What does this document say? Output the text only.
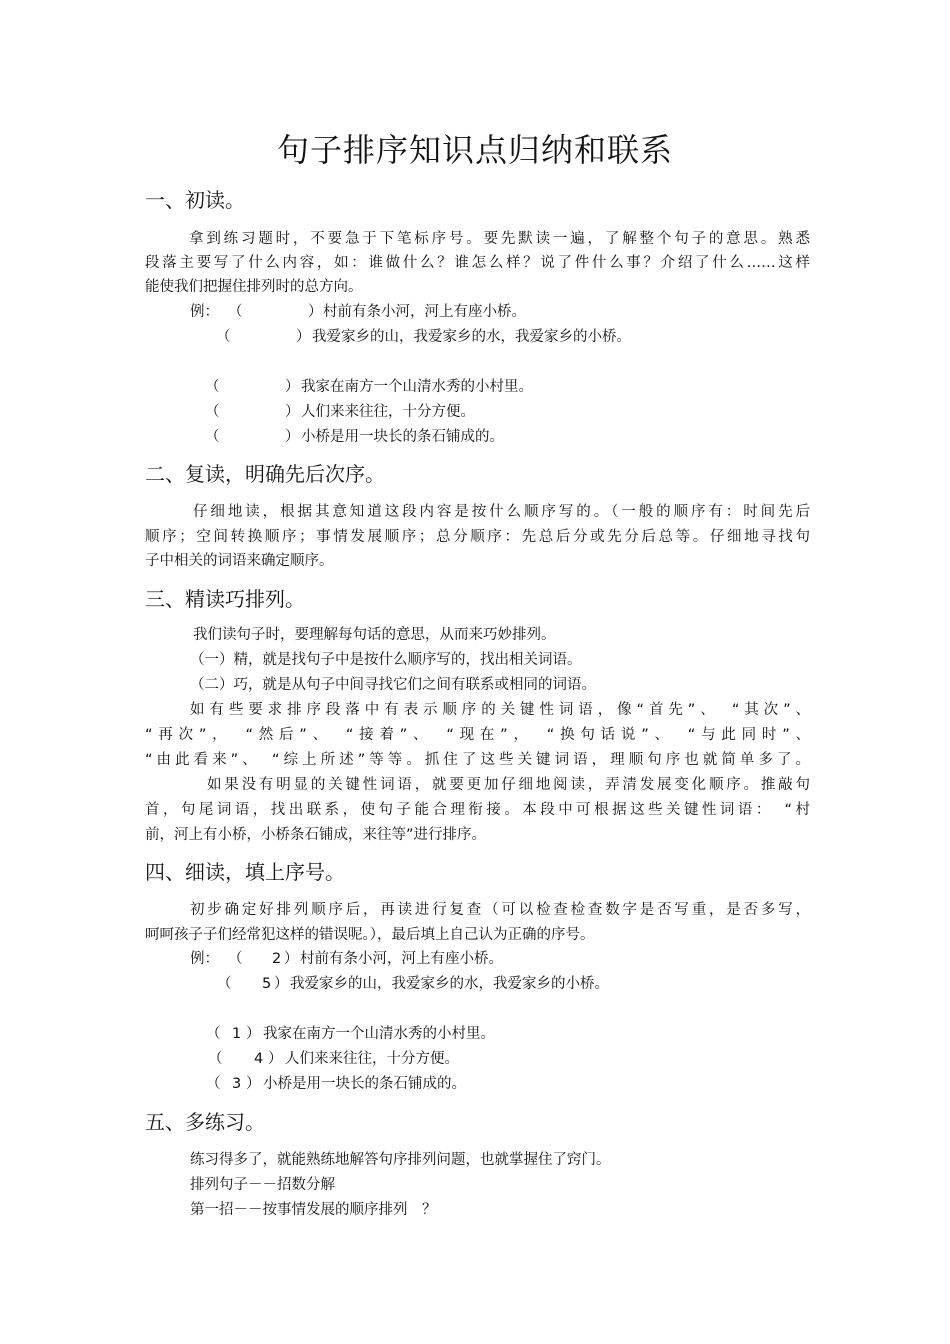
句子排序知识点归纳和联系
一、初读。
拿到练习题时，不要急于下笔标序号。要先默读一遍，了解整个句子的意思。熟悉
段落主要写了什么内容，如：谁做什么？谁怎么样？说了件什么事？介绍了什么……这样
能使我们把握住排列时的总方向。
例： （	） 村前有条小河，河上有座小桥。
（	） 我爱家乡的山，我爱家乡的水，我爱家乡的小桥。
（	） 我家在南方一个山清水秀的小村里。
（	） 人们来来往往，十分方便。
（	） 小桥是用一块长的条石铺成的。
二、复读，明确先后次序。
仔细地读，根据其意知道这段内容是按什么顺序写的。（一般的顺序有：时间先后
顺序；空间转换顺序；事情发展顺序；总分顺序：先总后分或先分后总等。仔细地寻找句
子中相关的词语来确定顺序。
三、精读巧排列。
我们读句子时，要理解每句话的意思，从而来巧妙排列。
（一）精，就是找句子中是按什么顺序写的，找出相关词语。
（二）巧，就是从句子中间寻找它们之间有联系或相同的词语。
如有些要求排序段落中有表示顺序的关键性词语，像“首先”、　“其次”、
“再次”，　“然后”、　“接着”、　“现在”，　“换句话说”、　“与此同时”、
“由此看来”、　“综上所述”等等。抓住了这些关键词语，理顺句序也就简单多了。
如果没有明显的关键性词语，就要更加仔细地阅读，弄清发展变化顺序。推敲句
首，句尾词语，找出联系，使句子能合理衔接。本段中可根据这些关键性词语：　“村
前，河上有小桥，小桥条石铺成，来往等”进行排序。
四、细读，填上序号。
初步确定好排列顺序后，再读进行复查（可以检查检查数字是否写重，是否多写，
呵呵孩子子们经常犯这样的错误呢。），最后填上自己认为正确的序号。
例： （ 2 ） 村前有条小河，河上有座小桥。
（ 5 ） 我爱家乡的山，我爱家乡的水，我爱家乡的小桥。
（ 1 ） 我家在南方一个山清水秀的小村里。
（ 4 ） 人们来来往往，十分方便。
（ 3 ） 小桥是用一块长的条石铺成的。
五、多练习。
练习得多了，就能熟练地解答句序排列问题，也就掌握住了窍门。
排列句子－－招数分解
第一招－－按事情发展的顺序排列　？
